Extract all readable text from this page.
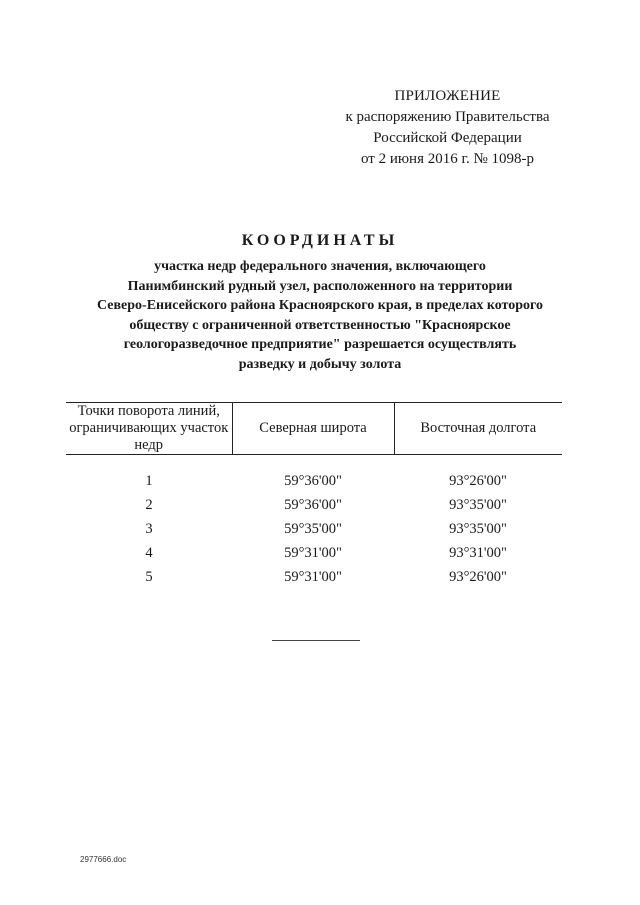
ПРИЛОЖЕНИЕ
к распоряжению Правительства
Российской Федерации
от 2 июня 2016 г. № 1098-р
КООРДИНАТЫ
участка недр федерального значения, включающего
Панимбинский рудный узел, расположенного на территории
Северо-Енисейского района Красноярского края, в пределах которого
обществу с ограниченной ответственностью "Красноярское
геологоразведочное предприятие" разрешается осуществлять
разведку и добычу золота
Точки поворота линий, ограничивающих участок недр	Северная широта	Восточная долгота
1	59°36'00"	93°26'00"
2	59°36'00"	93°35'00"
3	59°35'00"	93°35'00"
4	59°31'00"	93°31'00"
5	59°31'00"	93°26'00"
2977666.doc
